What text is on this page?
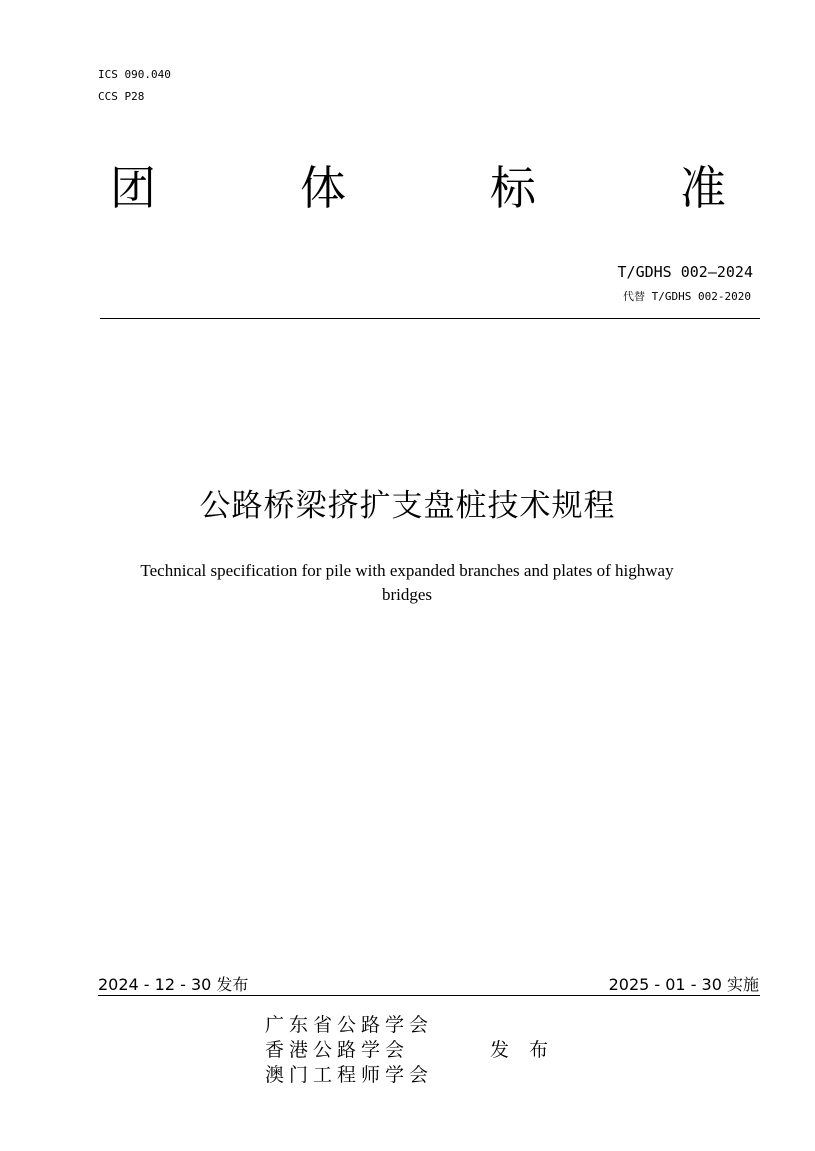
ICS 090.040
CCS P28
团	体	标	准
T/GDHS 002—2024
代替 T/GDHS 002-2020
公路桥梁挤扩支盘桩技术规程
Technical specification for pile with expanded branches and plates of highway
bridges
2024 - 12 - 30 发布	2025 - 01 - 30 实施
广东省公路学会
香港公路学会	发布
澳门工程师学会
